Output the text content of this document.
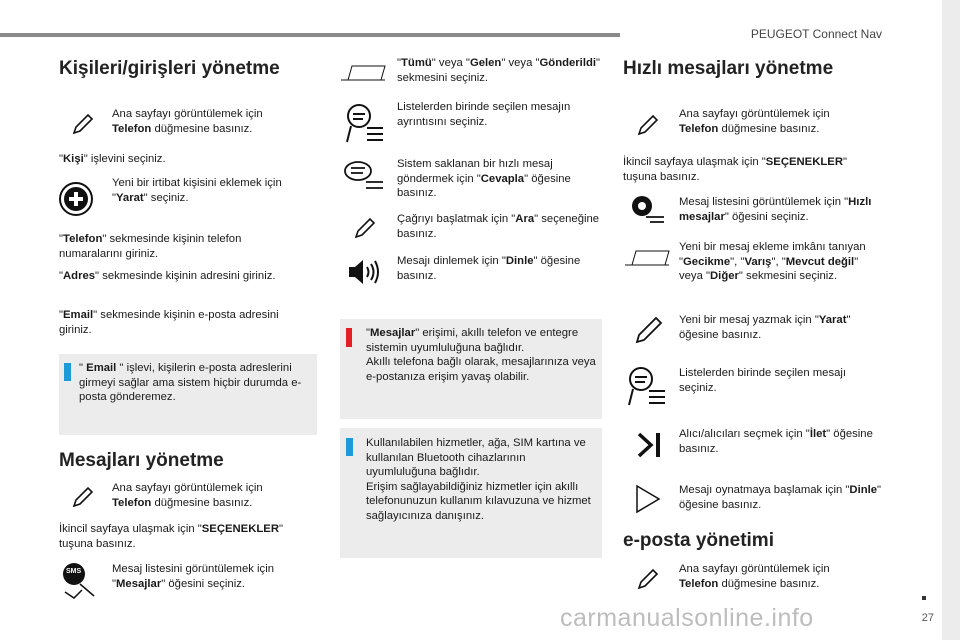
PEUGEOT Connect Nav
27
Kişileri/girişleri yönetme
Ana sayfayı görüntülemek için
Telefon düğmesine basınız.
"Kişi" işlevini seçiniz.
Yeni bir irtibat kişisini eklemek için "Yarat" seçiniz.
"Telefon" sekmesinde kişinin telefon numaralarını giriniz.
"Adres" sekmesinde kişinin adresini giriniz.
"Email" sekmesinde kişinin e-posta adresini giriniz.
" Email " işlevi, kişilerin e-posta adreslerini girmeyi sağlar ama sistem hiçbir durumda e-posta gönderemez.
Mesajları yönetme
Ana sayfayı görüntülemek için
Telefon düğmesine basınız.
İkincil sayfaya ulaşmak için "SEÇENEKLER" tuşuna basınız.
SMS	Mesaj listesini görüntülemek için "Mesajlar" öğesini seçiniz.
"Tümü" veya "Gelen" veya "Gönderildi" sekmesini seçiniz.
Listelerden birinde seçilen mesajın ayrıntısını seçiniz.
Sistem saklanan bir hızlı mesaj göndermek için "Cevapla" öğesine basınız.
Çağrıyı başlatmak için "Ara" seçeneğine basınız.
Mesajı dinlemek için "Dinle" öğesine basınız.
"Mesajlar" erişimi, akıllı telefon ve entegre sistemin uyumluluğuna bağlıdır.
Akıllı telefona bağlı olarak, mesajlarınıza veya e-postanıza erişim yavaş olabilir.
Kullanılabilen hizmetler, ağa, SIM kartına ve kullanılan Bluetooth cihazlarının uyumluluğuna bağlıdır.
Erişim sağlayabildiğiniz hizmetler için akıllı telefonunuzun kullanım kılavuzuna ve hizmet sağlayıcınıza danışınız.
Hızlı mesajları yönetme
Ana sayfayı görüntülemek için
Telefon düğmesine basınız.
İkincil sayfaya ulaşmak için "SEÇENEKLER" tuşuna basınız.
Mesaj listesini görüntülemek için "Hızlı mesajlar" öğesini seçiniz.
Yeni bir mesaj ekleme imkânı tanıyan "Gecikme", "Varış", "Mevcut değil" veya "Diğer" sekmesini seçiniz.
Yeni bir mesaj yazmak için "Yarat" öğesine basınız.
Listelerden birinde seçilen mesajı seçiniz.
Alıcı/alıcıları seçmek için "İlet" öğesine basınız.
Mesajı oynatmaya başlamak için "Dinle" öğesine basınız.
e-posta yönetimi
Ana sayfayı görüntülemek için
Telefon düğmesine basınız.
carmanualsonline.info
